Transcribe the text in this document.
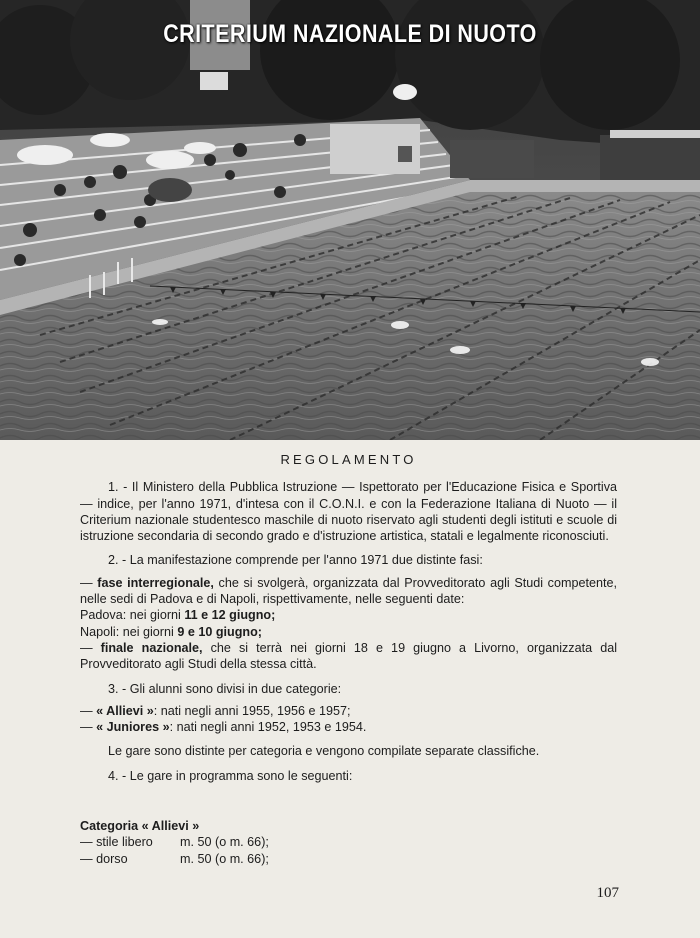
CRITERIUM NAZIONALE DI NUOTO
REGOLAMENTO

1. - Il Ministero della Pubblica Istruzione — Ispettorato per l'Educazione Fisica e Sportiva — indice, per l'anno 1971, d'intesa con il C.O.N.I. e con la Federazione Italiana di Nuoto — il Criterium nazionale studentesco maschile di nuoto riservato agli studenti degli istituti e scuole di istruzione secondaria di secondo grado e d'istruzione artistica, statali e legalmente riconosciuti.

2. - La manifestazione comprende per l'anno 1971 due distinte fasi:

— fase interregionale, che si svolgerà, organizzata dal Provveditorato agli Studi competente, nelle sedi di Padova e di Napoli, rispettivamente, nelle seguenti date:

Padova: nei giorni 11 e 12 giugno;

Napoli: nei giorni 9 e 10 giugno;

— finale nazionale, che si terrà nei giorni 18 e 19 giugno a Livorno, organizzata dal Provveditorato agli Studi della stessa città.

3. - Gli alunni sono divisi in due categorie:

— « Allievi »: nati negli anni 1955, 1956 e 1957;

— « Juniores »: nati negli anni 1952, 1953 e 1954.

Le gare sono distinte per categoria e vengono compilate separate classifiche.

4. - Le gare in programma sono le seguenti:

Categoria « Allievi »
— stile libero m. 50 (o m. 66);
— dorso	m. 50 (o m. 66);
107
